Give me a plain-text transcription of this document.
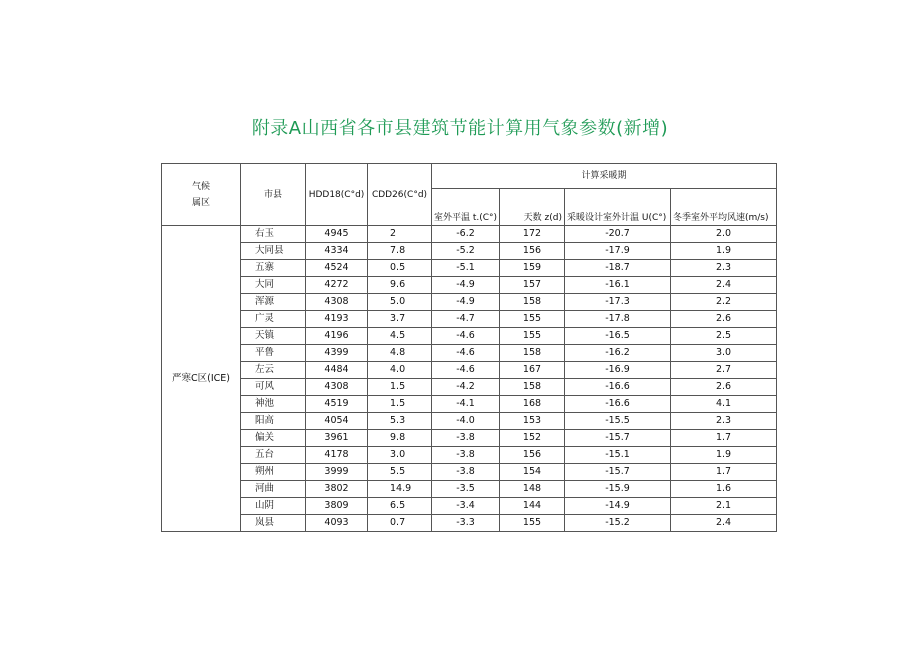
附录A山西省各市县建筑节能计算用气象参数(新增)
气候
属区	市县	HDD18(C°d)	CDD26(C°d)	计算采暖期			
				室外平温 t.(C°)	天数 z(d)	采暖设计室外计温 U(C°)	冬季室外平均风速(m/s)
严寒C区(ICE)	右玉	4945	2	-6.2	172	-20.7	2.0
	大同县	4334	7.8	-5.2	156	-17.9	1.9
	五寨	4524	0.5	-5.1	159	-18.7	2.3
	大同	4272	9.6	-4.9	157	-16.1	2.4
	浑源	4308	5.0	-4.9	158	-17.3	2.2
	广灵	4193	3.7	-4.7	155	-17.8	2.6
	天镇	4196	4.5	-4.6	155	-16.5	2.5
	平鲁	4399	4.8	-4.6	158	-16.2	3.0
	左云	4484	4.0	-4.6	167	-16.9	2.7
	可风	4308	1.5	-4.2	158	-16.6	2.6
	神池	4519	1.5	-4.1	168	-16.6	4.1
	阳高	4054	5.3	-4.0	153	-15.5	2.3
	偏关	3961	9.8	-3.8	152	-15.7	1.7
	五台	4178	3.0	-3.8	156	-15.1	1.9
	朔州	3999	5.5	-3.8	154	-15.7	1.7
	河曲	3802	14.9	-3.5	148	-15.9	1.6
	山阴	3809	6.5	-3.4	144	-14.9	2.1
	岚县	4093	0.7	-3.3	155	-15.2	2.4
